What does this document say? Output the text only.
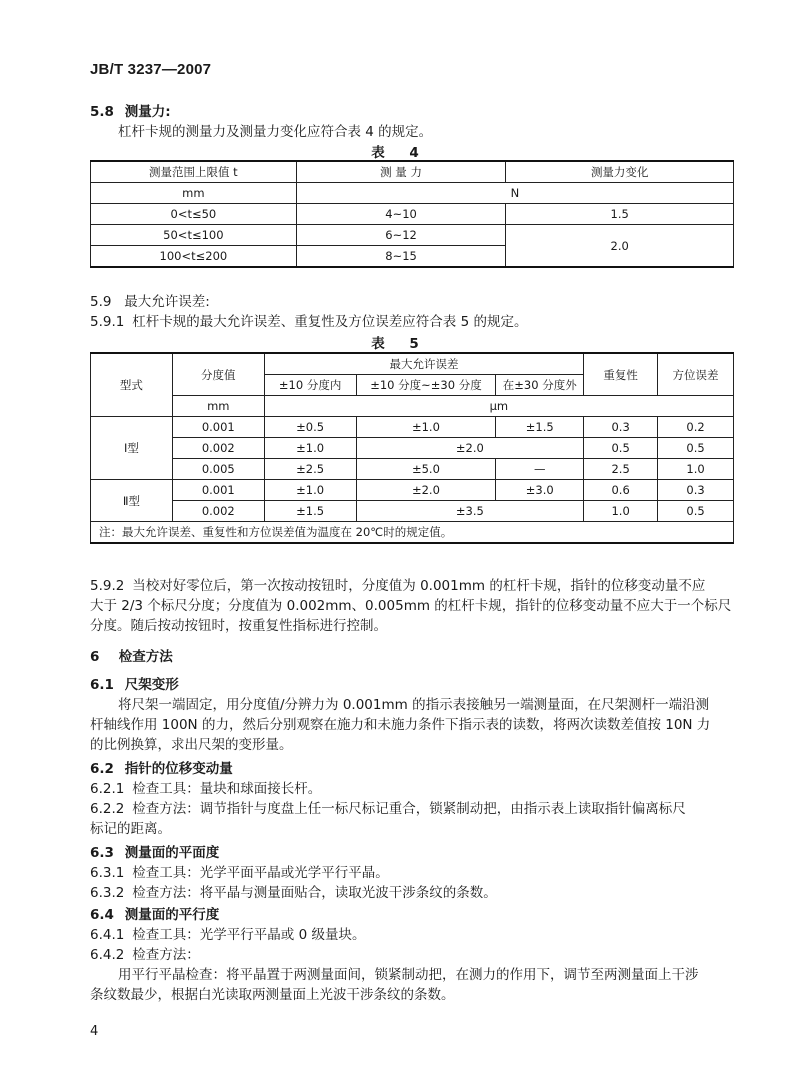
JB/T 3237—2007
5.8 测量力:
杠杆卡规的测量力及测量力变化应符合表 4 的规定。
表 4
测量范围上限值 t	测 量 力	测量力变化
mm	N	
0<t≤50	4~10	1.5
50<t≤100	6~12	2.0
100<t≤200	8~15	
5.9 最大允许误差:
5.9.1 杠杆卡规的最大允许误差、重复性及方位误差应符合表 5 的规定。
表 5
型式	分度值	最大允许误差			重复性	方位误差
		±10 分度内	±10 分度~±30 分度	在±30 分度外		
	mm	μm				
Ⅰ型	0.001	±0.5	±1.0	±1.5	0.3	0.2
	0.002	±1.0	±2.0		0.5	0.5
	0.005	±2.5	±5.0	—	2.5	1.0
Ⅱ型	0.001	±1.0	±2.0	±3.0	0.6	0.3
	0.002	±1.5	±3.5		1.0	0.5
注：最大允许误差、重复性和方位误差值为温度在 20℃时的规定值。						
5.9.2 当校对好零位后，第一次按动按钮时，分度值为 0.001mm 的杠杆卡规，指针的位移变动量不应
大于 2/3 个标尺分度；分度值为 0.002mm、0.005mm 的杠杆卡规，指针的位移变动量不应大于一个标尺
分度。随后按动按钮时，按重复性指标进行控制。
6 检查方法
6.1 尺架变形
将尺架一端固定，用分度值/分辨力为 0.001mm 的指示表接触另一端测量面，在尺架测杆一端沿测
杆轴线作用 100N 的力，然后分别观察在施力和未施力条件下指示表的读数，将两次读数差值按 10N 力
的比例换算，求出尺架的变形量。
6.2 指针的位移变动量
6.2.1 检查工具：量块和球面接长杆。
6.2.2 检查方法：调节指针与度盘上任一标尺标记重合，锁紧制动把，由指示表上读取指针偏离标尺
标记的距离。
6.3 测量面的平面度
6.3.1 检查工具：光学平面平晶或光学平行平晶。
6.3.2 检查方法：将平晶与测量面贴合，读取光波干涉条纹的条数。
6.4 测量面的平行度
6.4.1 检查工具：光学平行平晶或 0 级量块。
6.4.2 检查方法：
用平行平晶检查：将平晶置于两测量面间，锁紧制动把，在测力的作用下，调节至两测量面上干涉
条纹数最少，根据白光读取两测量面上光波干涉条纹的条数。
4
